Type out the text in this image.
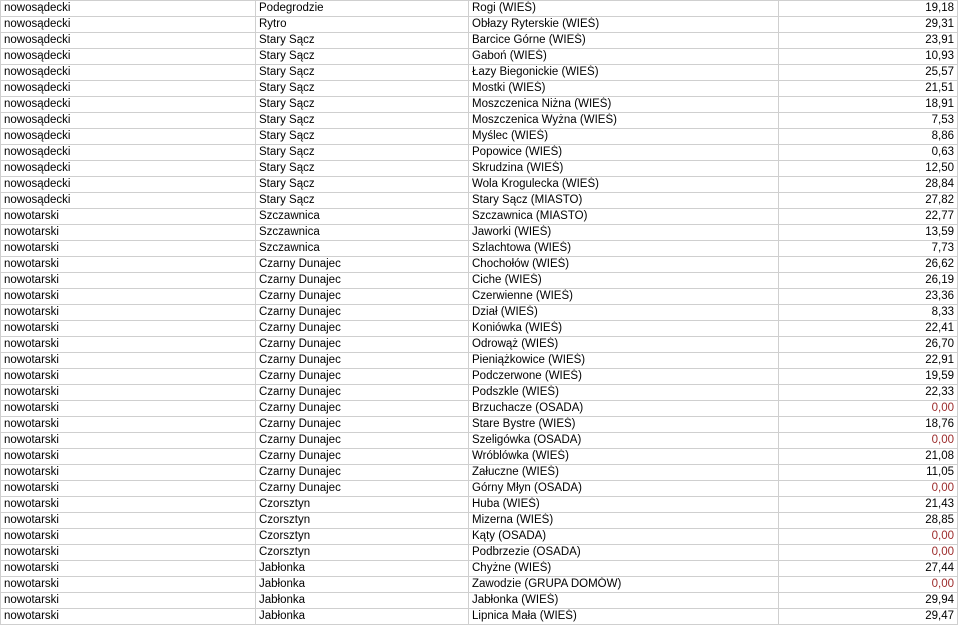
nowosądecki	Podegrodzie	Rogi (WIEŚ)	19,18
nowosądecki	Rytro	Obłazy Ryterskie (WIEŚ)	29,31
nowosądecki	Stary Sącz	Barcice Górne (WIEŚ)	23,91
nowosądecki	Stary Sącz	Gaboń (WIEŚ)	10,93
nowosądecki	Stary Sącz	Łazy Biegonickie (WIEŚ)	25,57
nowosądecki	Stary Sącz	Mostki (WIEŚ)	21,51
nowosądecki	Stary Sącz	Moszczenica Niżna (WIEŚ)	18,91
nowosądecki	Stary Sącz	Moszczenica Wyżna (WIEŚ)	7,53
nowosądecki	Stary Sącz	Myślec (WIEŚ)	8,86
nowosądecki	Stary Sącz	Popowice (WIEŚ)	0,63
nowosądecki	Stary Sącz	Skrudzina (WIEŚ)	12,50
nowosądecki	Stary Sącz	Wola Krogulecka (WIEŚ)	28,84
nowosądecki	Stary Sącz	Stary Sącz (MIASTO)	27,82
nowotarski	Szczawnica	Szczawnica (MIASTO)	22,77
nowotarski	Szczawnica	Jaworki (WIEŚ)	13,59
nowotarski	Szczawnica	Szlachtowa (WIEŚ)	7,73
nowotarski	Czarny Dunajec	Chochołów (WIEŚ)	26,62
nowotarski	Czarny Dunajec	Ciche (WIEŚ)	26,19
nowotarski	Czarny Dunajec	Czerwienne (WIEŚ)	23,36
nowotarski	Czarny Dunajec	Dział (WIEŚ)	8,33
nowotarski	Czarny Dunajec	Koniówka (WIEŚ)	22,41
nowotarski	Czarny Dunajec	Odrowąż (WIEŚ)	26,70
nowotarski	Czarny Dunajec	Pieniążkowice (WIEŚ)	22,91
nowotarski	Czarny Dunajec	Podczerwone (WIEŚ)	19,59
nowotarski	Czarny Dunajec	Podszkle (WIEŚ)	22,33
nowotarski	Czarny Dunajec	Brzuchacze (OSADA)	0,00
nowotarski	Czarny Dunajec	Stare Bystre (WIEŚ)	18,76
nowotarski	Czarny Dunajec	Szeligówka (OSADA)	0,00
nowotarski	Czarny Dunajec	Wróblówka (WIEŚ)	21,08
nowotarski	Czarny Dunajec	Załuczne (WIEŚ)	11,05
nowotarski	Czarny Dunajec	Górny Młyn (OSADA)	0,00
nowotarski	Czorsztyn	Huba (WIEŚ)	21,43
nowotarski	Czorsztyn	Mizerna (WIEŚ)	28,85
nowotarski	Czorsztyn	Kąty (OSADA)	0,00
nowotarski	Czorsztyn	Podbrzezie (OSADA)	0,00
nowotarski	Jabłonka	Chyżne (WIEŚ)	27,44
nowotarski	Jabłonka	Zawodzie (GRUPA DOMÓW)	0,00
nowotarski	Jabłonka	Jabłonka (WIEŚ)	29,94
nowotarski	Jabłonka	Lipnica Mała (WIEŚ)	29,47
